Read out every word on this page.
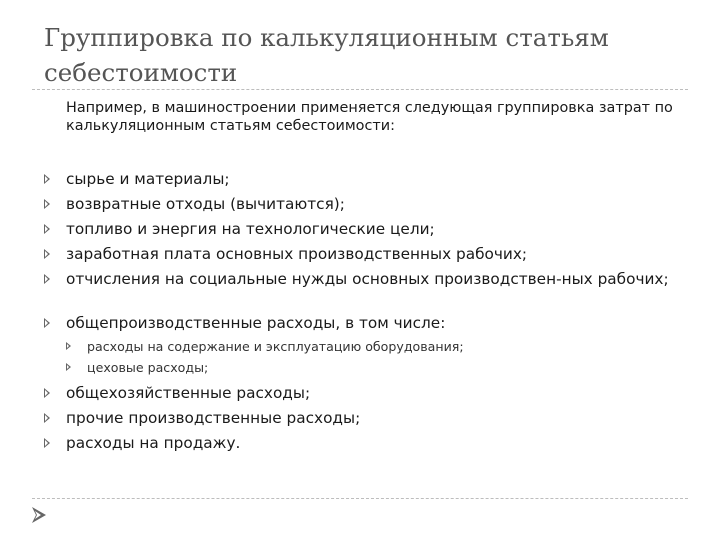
Группировка по калькуляционным статьям себестоимости

Например, в машиностроении применяется следующая группировка затрат по калькуляционным статьям себестоимости:

сырье и материалы;
возвратные отходы (вычитаются);
топливо и энергия на технологические цели;
заработная плата основных производственных рабочих;
отчисления на социальные нужды основных производствен-ных рабочих;
общепроизводственные расходы, в том числе:
расходы на содержание и эксплуатацию оборудования;
цеховые расходы;
общехозяйственные расходы;
прочие производственные расходы;
расходы на продажу.
